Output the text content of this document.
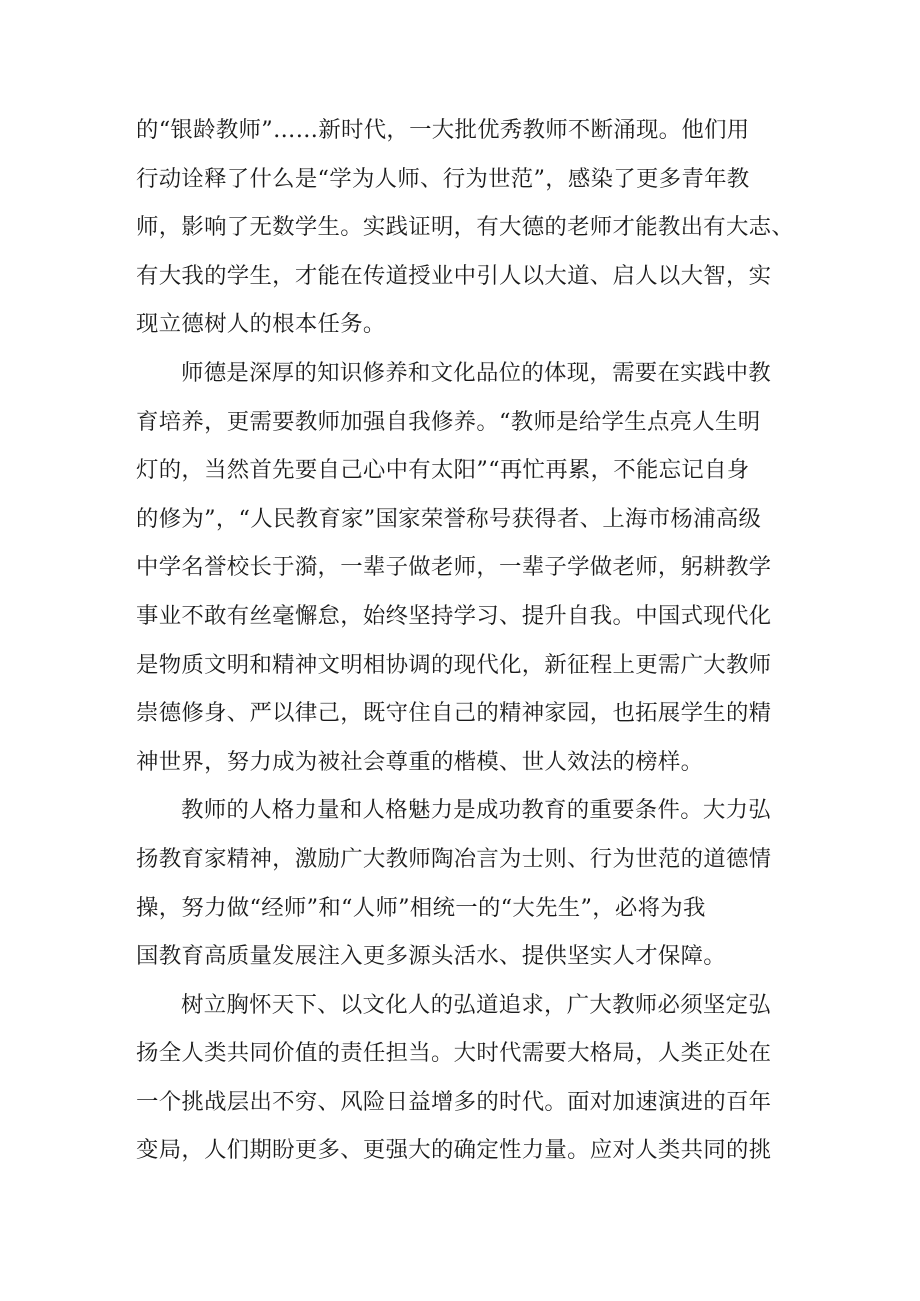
的“银龄教师”……新时代，一大批优秀教师不断涌现。他们用
行动诠释了什么是“学为人师、行为世范”，感染了更多青年教
师，影响了无数学生。实践证明，有大德的老师才能教出有大志、
有大我的学生，才能在传道授业中引人以大道、启人以大智，实
现立德树人的根本任务。
师德是深厚的知识修养和文化品位的体现，需要在实践中教
育培养，更需要教师加强自我修养。“教师是给学生点亮人生明
灯的，当然首先要自己心中有太阳”“再忙再累，不能忘记自身
的修为”，“人民教育家”国家荣誉称号获得者、上海市杨浦高级
中学名誉校长于漪，一辈子做老师，一辈子学做老师，躬耕教学
事业不敢有丝毫懈怠，始终坚持学习、提升自我。中国式现代化
是物质文明和精神文明相协调的现代化，新征程上更需广大教师
崇德修身、严以律己，既守住自己的精神家园，也拓展学生的精
神世界，努力成为被社会尊重的楷模、世人效法的榜样。
教师的人格力量和人格魅力是成功教育的重要条件。大力弘
扬教育家精神，激励广大教师陶冶言为士则、行为世范的道德情
操，努力做“经师”和“人师”相统一的“大先生”，必将为我
国教育高质量发展注入更多源头活水、提供坚实人才保障。
树立胸怀天下、以文化人的弘道追求，广大教师必须坚定弘
扬全人类共同价值的责任担当。大时代需要大格局，人类正处在
一个挑战层出不穷、风险日益增多的时代。面对加速演进的百年
变局，人们期盼更多、更强大的确定性力量。应对人类共同的挑
